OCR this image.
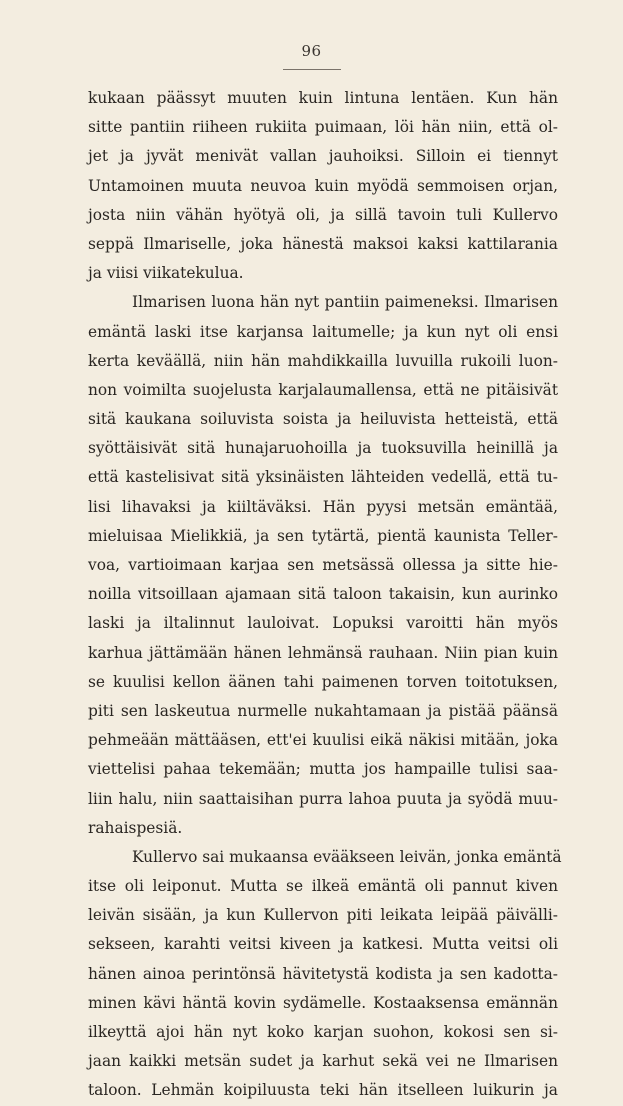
96
kukaan päässyt muuten kuin lintuna lentäen. Kun hän
sitte pantiin riiheen rukiita puimaan, löi hän niin, että ol-
jet ja jyvät menivät vallan jauhoiksi. Silloin ei tiennyt
Untamoinen muuta neuvoa kuin myödä semmoisen orjan,
josta niin vähän hyötyä oli, ja sillä tavoin tuli Kullervo
seppä Ilmariselle, joka hänestä maksoi kaksi kattilarania
ja viisi viikatekulua.
Ilmarisen luona hän nyt pantiin paimeneksi. Ilmarisen
emäntä laski itse karjansa laitumelle; ja kun nyt oli ensi
kerta keväällä, niin hän mahdikkailla luvuilla rukoili luon-
non voimilta suojelusta karjalaumallensa, että ne pitäisivät
sitä kaukana soiluvista soista ja heiluvista hetteistä, että
syöttäisivät sitä hunajaruohoilla ja tuoksuvilla heinillä ja
että kastelisivat sitä yksinäisten lähteiden vedellä, että tu-
lisi lihavaksi ja kiiltäväksi. Hän pyysi metsän emäntää,
mieluisaa Mielikkiä, ja sen tytärtä, pientä kaunista Teller-
voa, vartioimaan karjaa sen metsässä ollessa ja sitte hie-
noilla vitsoillaan ajamaan sitä taloon takaisin, kun aurinko
laski ja iltalinnut lauloivat. Lopuksi varoitti hän myös
karhua jättämään hänen lehmänsä rauhaan. Niin pian kuin
se kuulisi kellon äänen tahi paimenen torven toitotuksen,
piti sen laskeutua nurmelle nukahtamaan ja pistää päänsä
pehmeään mättääsen, ett'ei kuulisi eikä näkisi mitään, joka
viettelisi pahaa tekemään; mutta jos hampaille tulisi saa-
liin halu, niin saattaisihan purra lahoa puuta ja syödä muu-
rahaispesiä.
Kullervo sai mukaansa evääkseen leivän, jonka emäntä
itse oli leiponut. Mutta se ilkeä emäntä oli pannut kiven
leivän sisään, ja kun Kullervon piti leikata leipää päivälli-
sekseen, karahti veitsi kiveen ja katkesi. Mutta veitsi oli
hänen ainoa perintönsä hävitetystä kodista ja sen kadotta-
minen kävi häntä kovin sydämelle. Kostaaksensa emännän
ilkeyttä ajoi hän nyt koko karjan suohon, kokosi sen si-
jaan kaikki metsän sudet ja karhut sekä vei ne Ilmarisen
taloon. Lehmän koipiluusta teki hän itselleen luikurin ja
